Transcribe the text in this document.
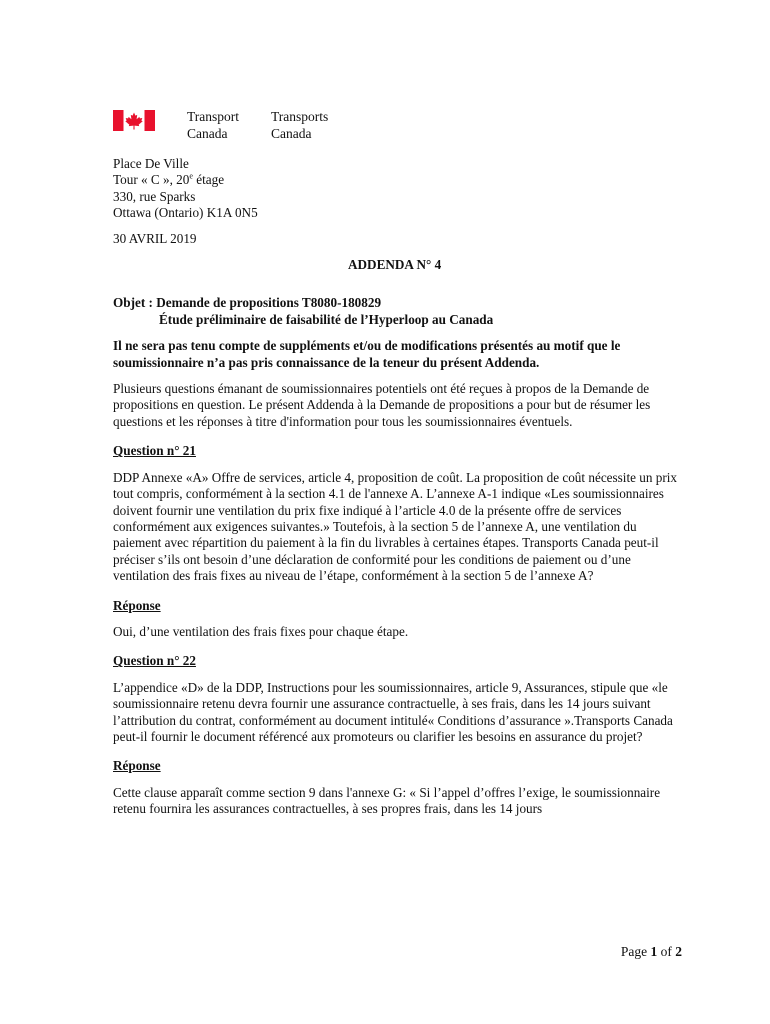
Transport
Canada
Transports
Canada
Place De Ville
Tour « C », 20e étage
330, rue Sparks
Ottawa (Ontario) K1A 0N5
30 AVRIL 2019
ADDENDA N° 4
Objet : Demande de propositions T8080-180829
Étude préliminaire de faisabilité de l’Hyperloop au Canada
Il ne sera pas tenu compte de suppléments et/ou de modifications présentés au motif que le soumissionnaire n’a pas pris connaissance de la teneur du présent Addenda.

Plusieurs questions émanant de soumissionnaires potentiels ont été reçues à propos de la Demande de propositions en question. Le présent Addenda à la Demande de propositions a pour but de résumer les questions et les réponses à titre d'information pour tous les soumissionnaires éventuels.

Question n° 21

DDP Annexe «A» Offre de services, article 4, proposition de coût. La proposition de coût nécessite un prix tout compris, conformément à la section 4.1 de l'annexe A. L’annexe A-1 indique «Les soumissionnaires doivent fournir une ventilation du prix fixe indiqué à l’article 4.0 de la présente offre de services conformément aux exigences suivantes.» Toutefois, à la section 5 de l’annexe A, une ventilation du paiement avec répartition du paiement à la fin du livrables à certaines étapes. Transports Canada peut-il préciser s’ils ont besoin d’une déclaration de conformité pour les conditions de paiement ou d’une ventilation des frais fixes au niveau de l’étape, conformément à la section 5 de l’annexe A?

Réponse

Oui, d’une ventilation des frais fixes pour chaque étape.

Question n° 22

L’appendice «D» de la DDP, Instructions pour les soumissionnaires, article 9, Assurances, stipule que «le soumissionnaire retenu devra fournir une assurance contractuelle, à ses frais, dans les 14 jours suivant l’attribution du contrat, conformément au document intitulé« Conditions d’assurance ».Transports Canada peut-il fournir le document référencé aux promoteurs ou clarifier les besoins en assurance du projet?

Réponse

Cette clause apparaît comme section 9 dans l'annexe G: « Si l’appel d’offres l’exige, le soumissionnaire retenu fournira les assurances contractuelles, à ses propres frais, dans les 14 jours

Page 1 of 2
